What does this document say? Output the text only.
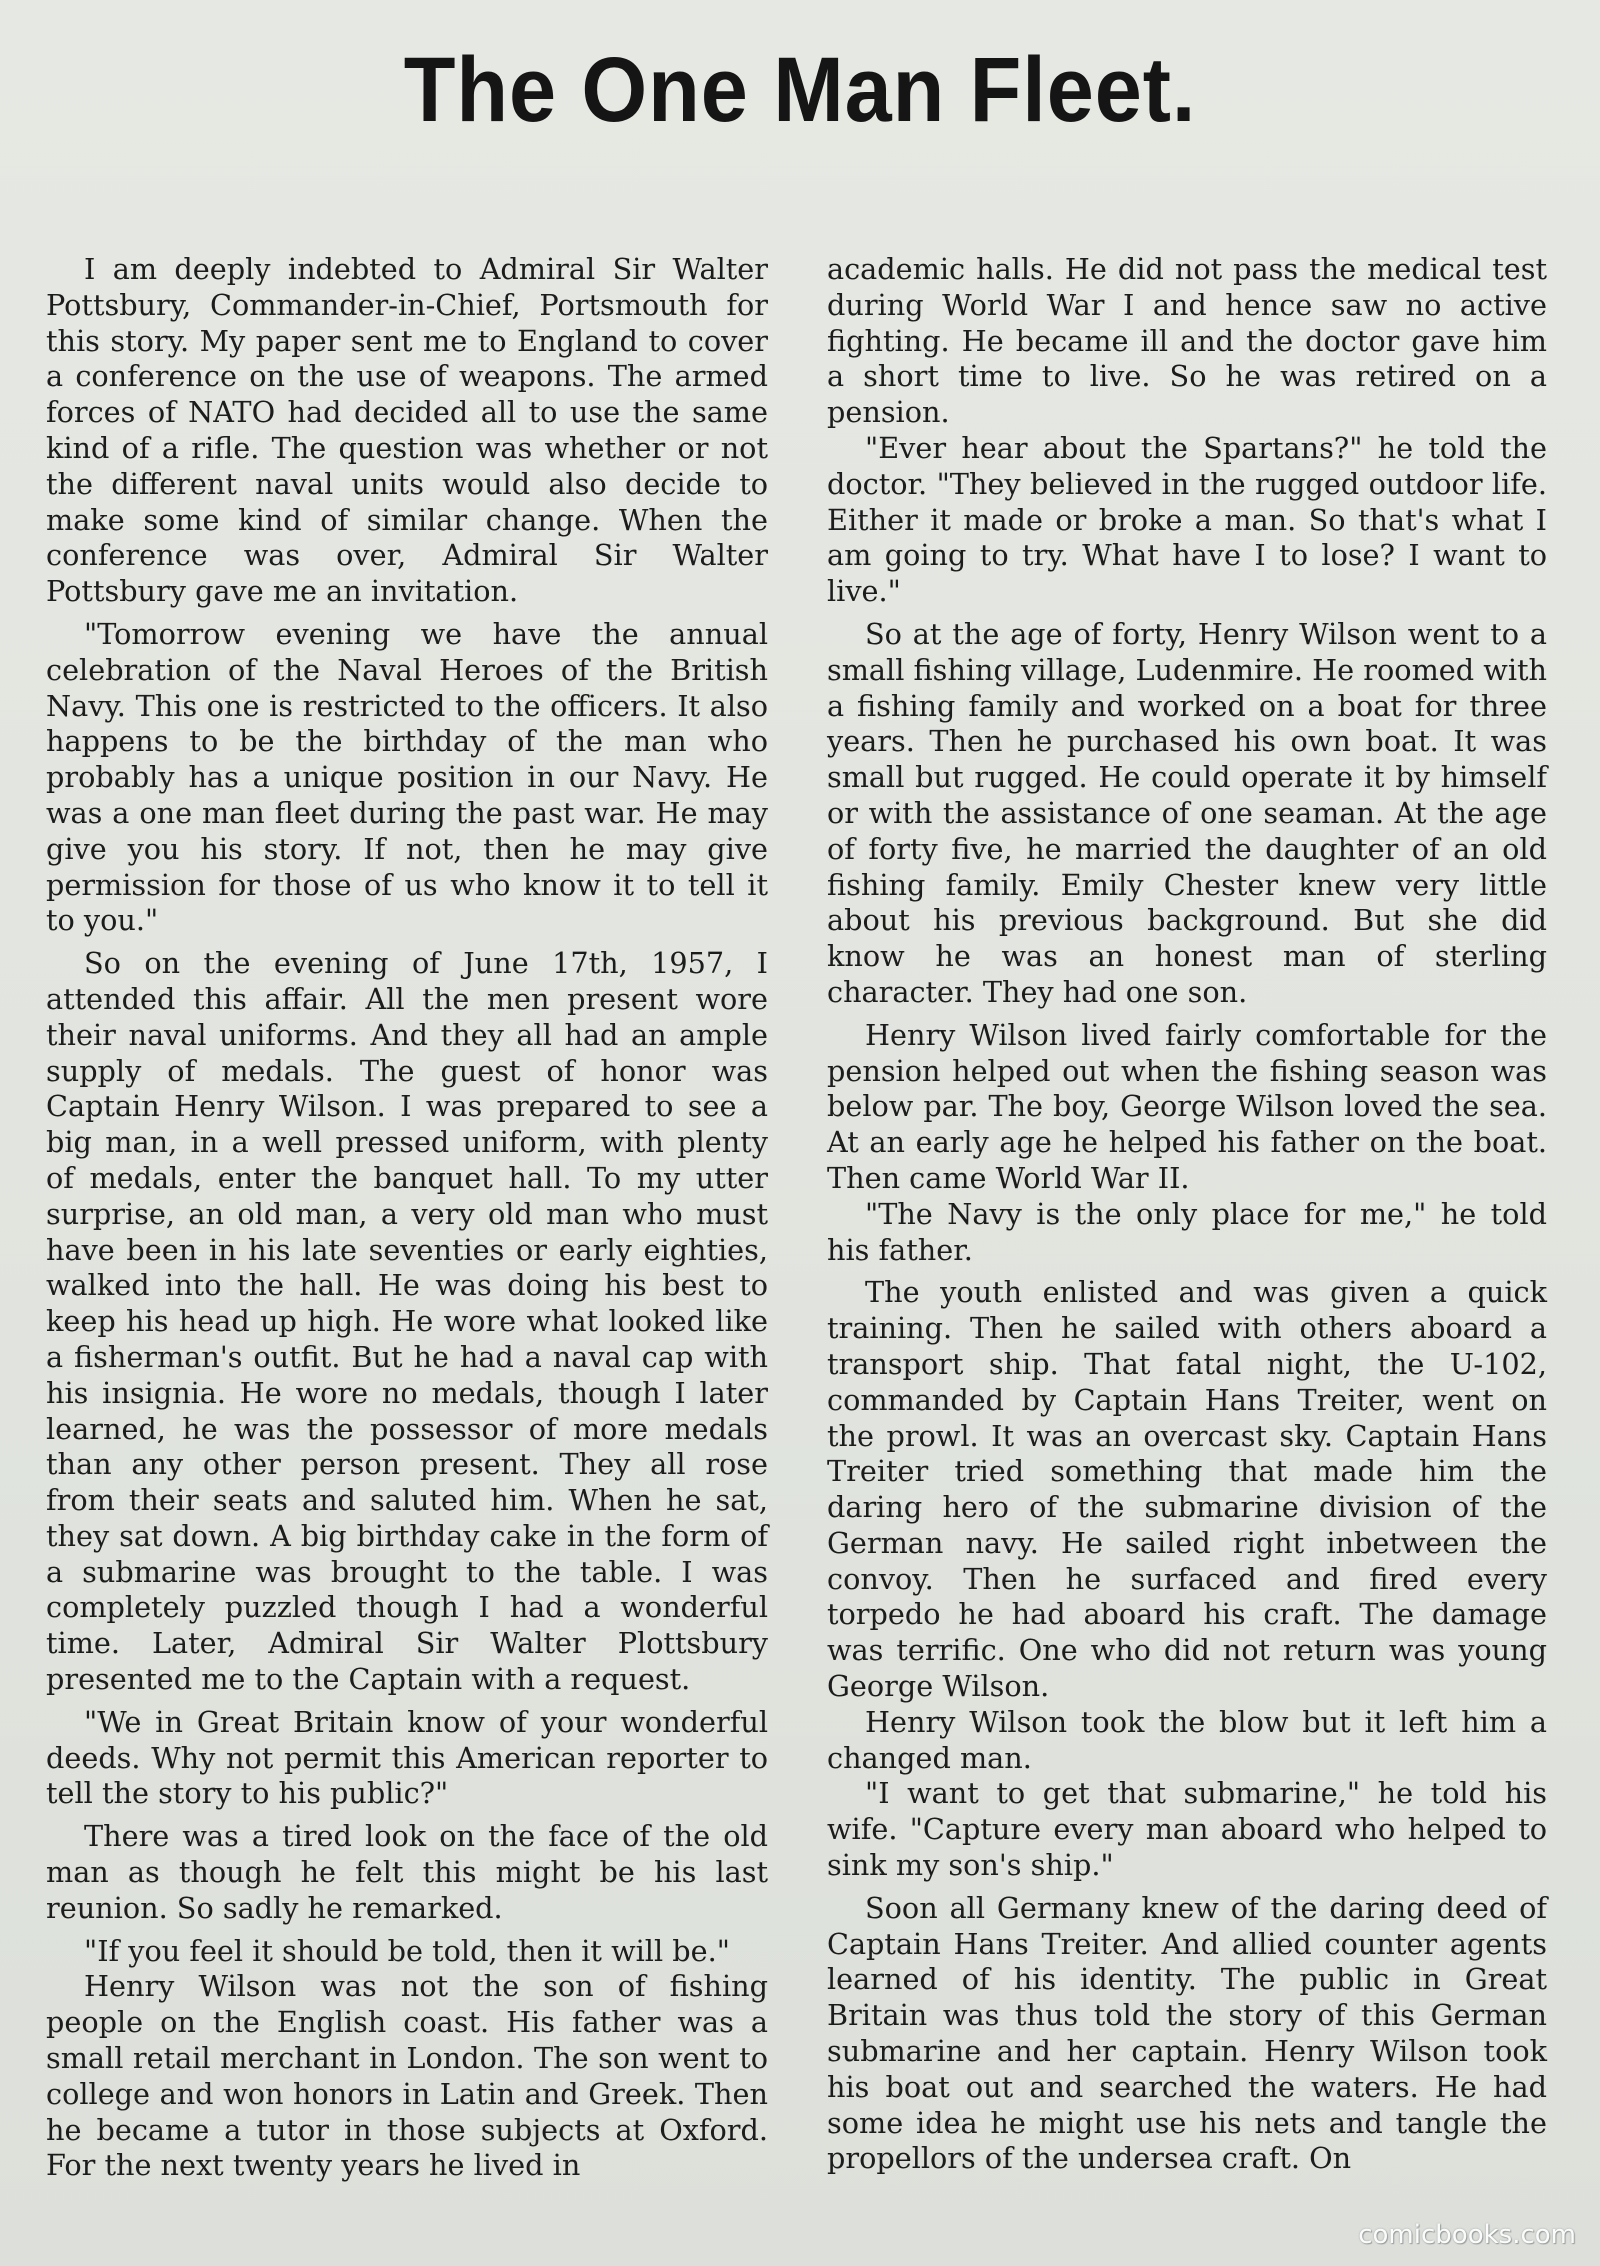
The One Man Fleet.

I am deeply indebted to Admiral Sir Walter Pottsbury, Commander-in-Chief, Portsmouth for this story. My paper sent me to England to cover a conference on the use of weapons. The armed forces of NATO had decided all to use the same kind of a rifle. The question was whether or not the different naval units would also decide to make some kind of similar change. When the conference was over, Admiral Sir Walter Pottsbury gave me an invitation.

"Tomorrow evening we have the annual celebration of the Naval Heroes of the British Navy. This one is restricted to the officers. It also happens to be the birthday of the man who probably has a unique position in our Navy. He was a one man fleet during the past war. He may give you his story. If not, then he may give permission for those of us who know it to tell it to you."

So on the evening of June 17th, 1957, I attended this affair. All the men present wore their naval uniforms. And they all had an ample supply of medals. The guest of honor was Captain Henry Wilson. I was prepared to see a big man, in a well pressed uniform, with plenty of medals, enter the banquet hall. To my utter surprise, an old man, a very old man who must have been in his late seventies or early eighties, walked into the hall. He was doing his best to keep his head up high. He wore what looked like a fisherman's outfit. But he had a naval cap with his insignia. He wore no medals, though I later learned, he was the possessor of more medals than any other person present. They all rose from their seats and saluted him. When he sat, they sat down. A big birthday cake in the form of a submarine was brought to the table. I was completely puzzled though I had a wonderful time. Later, Admiral Sir Walter Plottsbury presented me to the Captain with a request.

"We in Great Britain know of your wonderful deeds. Why not permit this American reporter to tell the story to his public?"

There was a tired look on the face of the old man as though he felt this might be his last reunion. So sadly he remarked.

"If you feel it should be told, then it will be."

Henry Wilson was not the son of fishing people on the English coast. His father was a small retail merchant in London. The son went to college and won honors in Latin and Greek. Then he became a tutor in those subjects at Oxford. For the next twenty years he lived in

academic halls. He did not pass the medical test during World War I and hence saw no active fighting. He became ill and the doctor gave him a short time to live. So he was retired on a pension.

"Ever hear about the Spartans?" he told the doctor. "They believed in the rugged outdoor life. Either it made or broke a man. So that's what I am going to try. What have I to lose? I want to live."

So at the age of forty, Henry Wilson went to a small fishing village, Ludenmire. He roomed with a fishing family and worked on a boat for three years. Then he purchased his own boat. It was small but rugged. He could operate it by himself or with the assistance of one seaman. At the age of forty five, he married the daughter of an old fishing family. Emily Chester knew very little about his previous background. But she did know he was an honest man of sterling character. They had one son.

Henry Wilson lived fairly comfortable for the pension helped out when the fishing season was below par. The boy, George Wilson loved the sea. At an early age he helped his father on the boat. Then came World War II.

"The Navy is the only place for me," he told his father.

The youth enlisted and was given a quick training. Then he sailed with others aboard a transport ship. That fatal night, the U-102, commanded by Captain Hans Treiter, went on the prowl. It was an overcast sky. Captain Hans Treiter tried something that made him the daring hero of the submarine division of the German navy. He sailed right inbetween the convoy. Then he surfaced and fired every torpedo he had aboard his craft. The damage was terrific. One who did not return was young George Wilson.

Henry Wilson took the blow but it left him a changed man.

"I want to get that submarine," he told his wife. "Capture every man aboard who helped to sink my son's ship."

Soon all Germany knew of the daring deed of Captain Hans Treiter. And allied counter agents learned of his identity. The public in Great Britain was thus told the story of this German submarine and her captain. Henry Wilson took his boat out and searched the waters. He had some idea he might use his nets and tangle the propellors of the undersea craft. On

comicbooks.com
